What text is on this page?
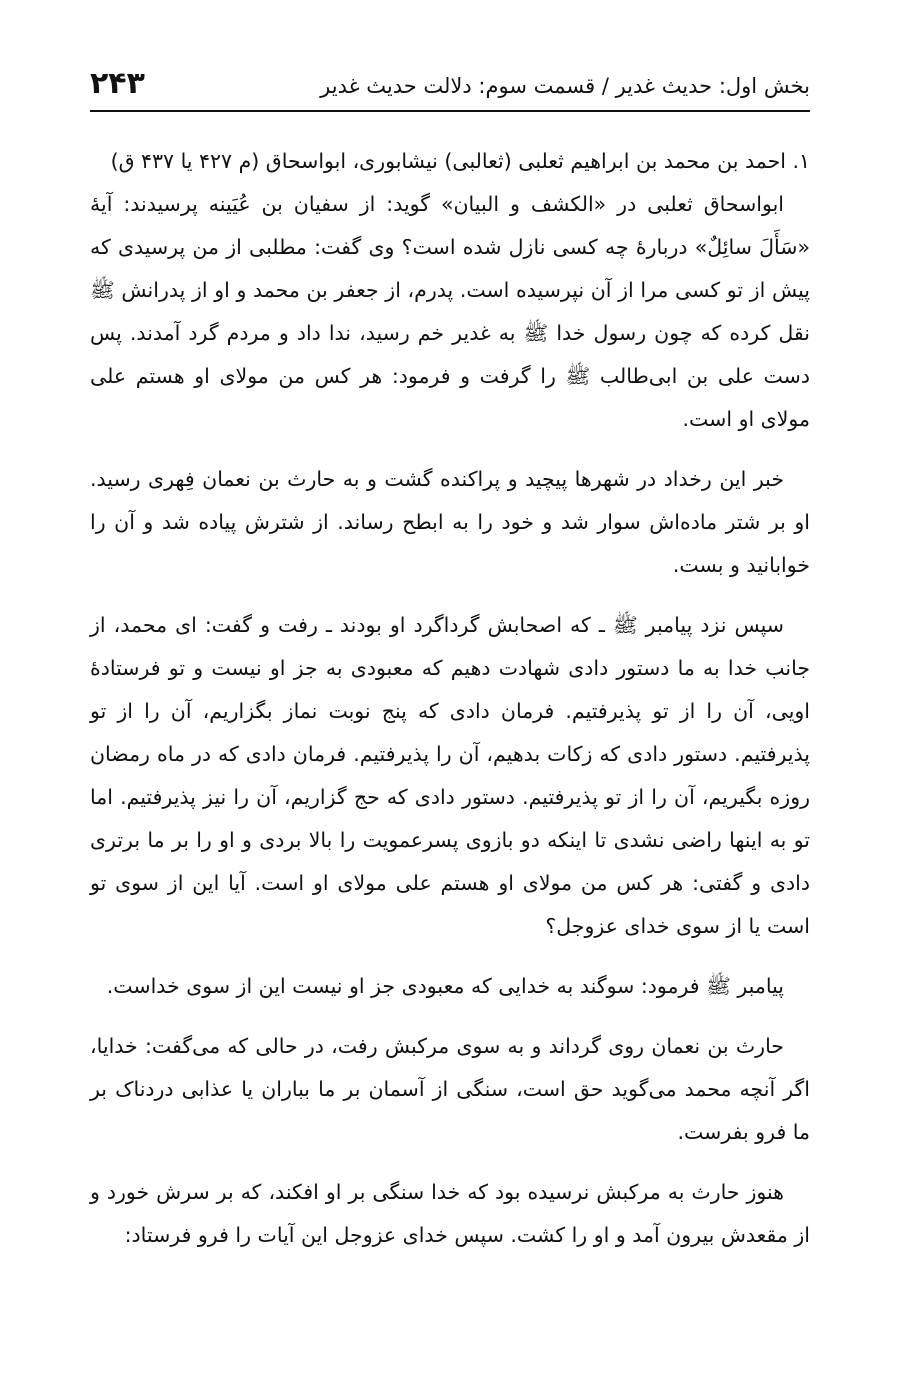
بخش اول: حدیث غدیر / قسمت سوم: دلالت حدیث غدیر
۲۴۳

۱. احمد بن محمد بن ابراهیم ثعلبی (ثعالبی) نیشابوری، ابواسحاق (م ۴۲۷ یا ۴۳۷ ق)

ابواسحاق ثعلبی در «الکشف و البیان» گوید: از سفیان بن عُیَینه پرسیدند: آیهٔ «سَأَلَ سائِلٌ» دربارهٔ چه کسی نازل شده است؟ وی گفت: مطلبی از من پرسیدی که پیش از تو کسی مرا از آن نپرسیده است. پدرم، از جعفر بن محمد و او از پدرانش ﷺ نقل کرده که چون رسول خدا ﷺ به غدیر خم رسید، ندا داد و مردم گرد آمدند. پس دست علی بن ابی‌طالب ﷺ را گرفت و فرمود: هر کس من مولای او هستم علی مولای او است.

خبر این رخداد در شهرها پیچید و پراکنده گشت و به حارث بن نعمان فِهری رسید. او بر شتر ماده‌اش سوار شد و خود را به ابطح رساند. از شترش پیاده شد و آن را خوابانید و بست.

سپس نزد پیامبر ﷺ ـ که اصحابش گرداگرد او بودند ـ رفت و گفت: ای محمد، از جانب خدا به ما دستور دادی شهادت دهیم که معبودی به جز او نیست و تو فرستادهٔ اویی، آن را از تو پذیرفتیم. فرمان دادی که پنج نوبت نماز بگزاریم، آن را از تو پذیرفتیم. دستور دادی که زکات بدهیم، آن را پذیرفتیم. فرمان دادی که در ماه رمضان روزه بگیریم، آن را از تو پذیرفتیم. دستور دادی که حج گزاریم، آن را نیز پذیرفتیم. اما تو به اینها راضی نشدی تا اینکه دو بازوی پسرعمویت را بالا بردی و او را بر ما برتری دادی و گفتی: هر کس من مولای او هستم علی مولای او است. آیا این از سوی تو است یا از سوی خدای عزوجل؟

پیامبر ﷺ فرمود: سوگند به خدایی که معبودی جز او نیست این از سوی خداست.

حارث بن نعمان روی گرداند و به سوی مرکبش رفت، در حالی که می‌گفت: خدایا، اگر آنچه محمد می‌گوید حق است، سنگی از آسمان بر ما بباران یا عذابی دردناک بر ما فرو بفرست.

هنوز حارث به مرکبش نرسیده بود که خدا سنگی بر او افکند، که بر سرش خورد و از مقعدش بیرون آمد و او را کشت. سپس خدای عزوجل این آیات را فرو فرستاد:
